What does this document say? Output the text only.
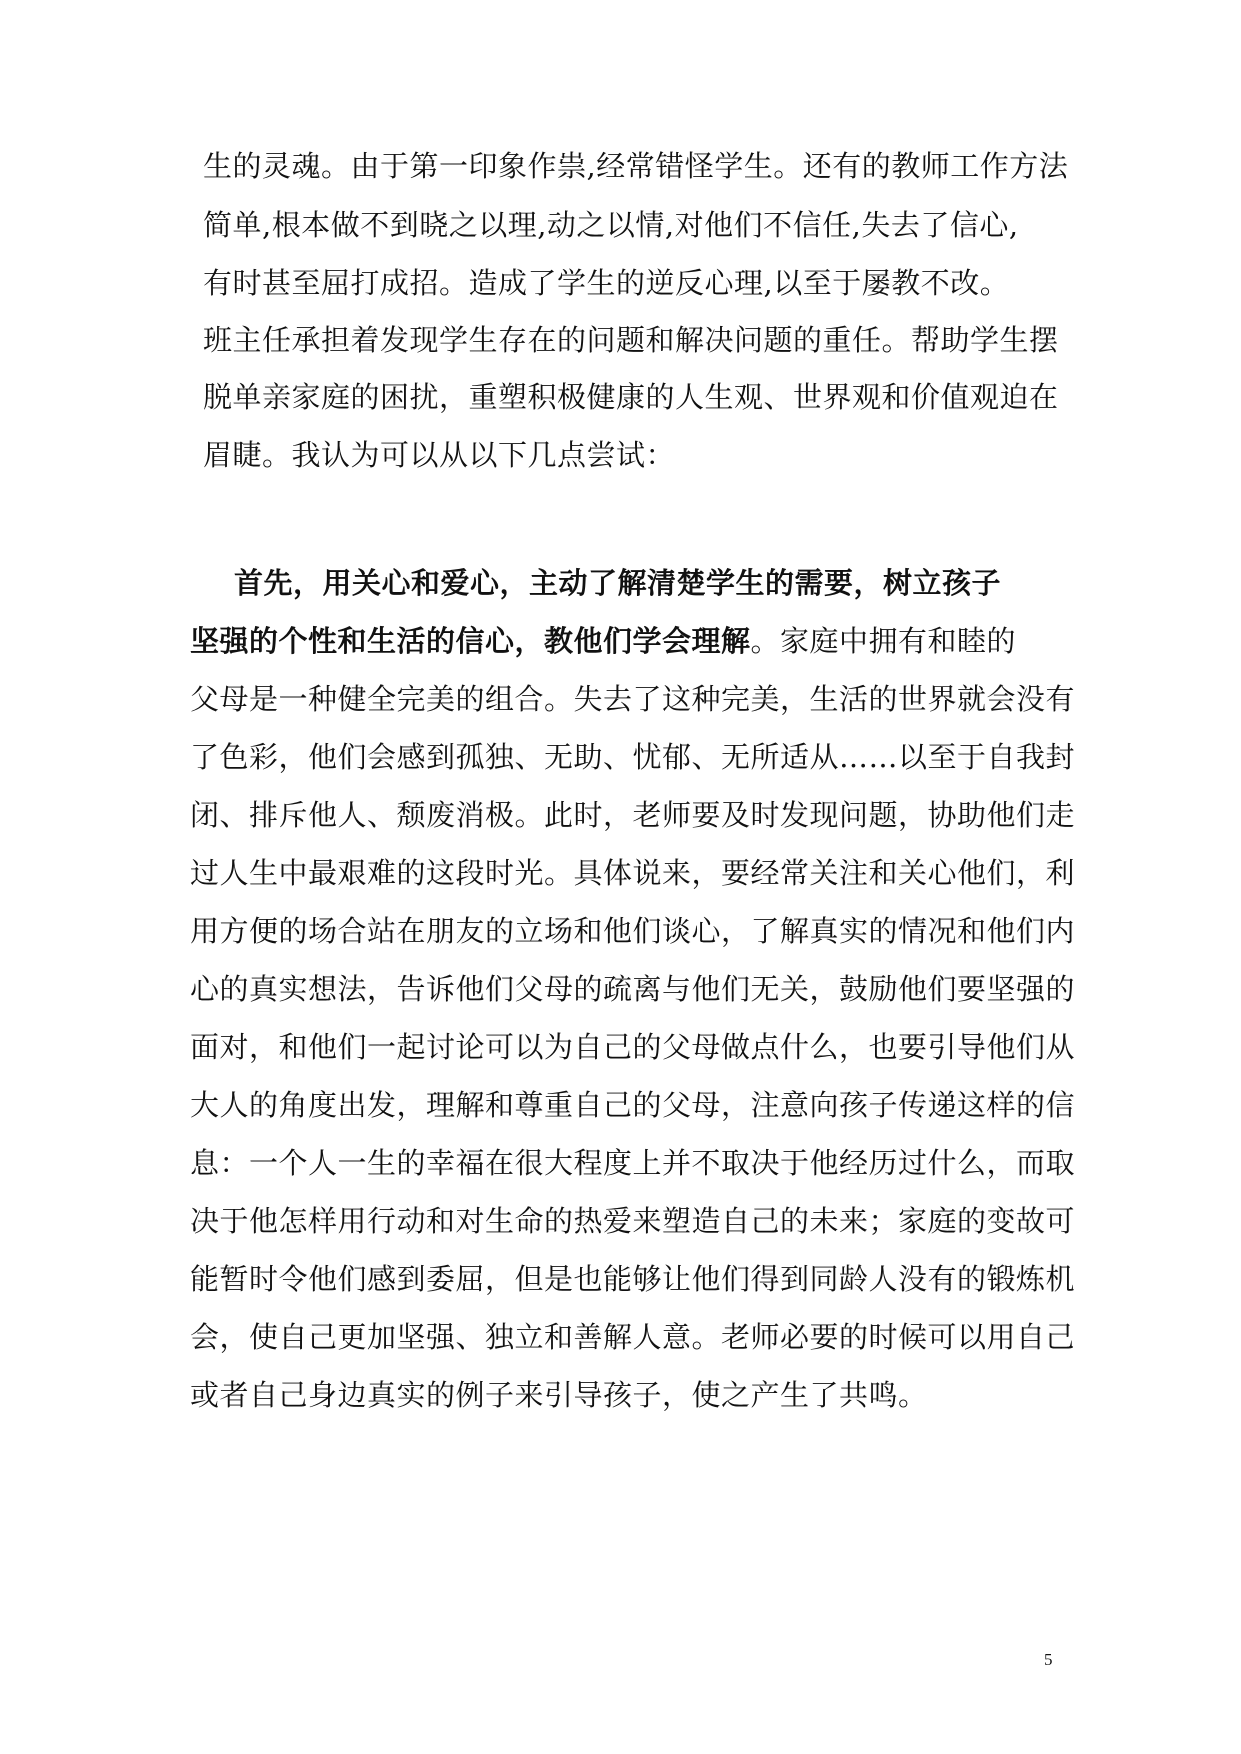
生的灵魂。由于第一印象作祟,经常错怪学生。还有的教师工作方法
简单,根本做不到晓之以理,动之以情,对他们不信任,失去了信心,
有时甚至屈打成招。造成了学生的逆反心理,以至于屡教不改。
班主任承担着发现学生存在的问题和解决问题的重任。帮助学生摆
脱单亲家庭的困扰，重塑积极健康的人生观、世界观和价值观迫在
眉睫。我认为可以从以下几点尝试：
首先，用关心和爱心，主动了解清楚学生的需要，树立孩子
坚强的个性和生活的信心，教他们学会理解。家庭中拥有和睦的
父母是一种健全完美的组合。失去了这种完美，生活的世界就会没有
了色彩，他们会感到孤独、无助、忧郁、无所适从……以至于自我封
闭、排斥他人、颓废消极。此时，老师要及时发现问题，协助他们走
过人生中最艰难的这段时光。具体说来，要经常关注和关心他们，利
用方便的场合站在朋友的立场和他们谈心，了解真实的情况和他们内
心的真实想法，告诉他们父母的疏离与他们无关，鼓励他们要坚强的
面对，和他们一起讨论可以为自己的父母做点什么，也要引导他们从
大人的角度出发，理解和尊重自己的父母，注意向孩子传递这样的信
息：一个人一生的幸福在很大程度上并不取决于他经历过什么，而取
决于他怎样用行动和对生命的热爱来塑造自己的未来；家庭的变故可
能暂时令他们感到委屈，但是也能够让他们得到同龄人没有的锻炼机
会，使自己更加坚强、独立和善解人意。老师必要的时候可以用自己
或者自己身边真实的例子来引导孩子，使之产生了共鸣。
5
